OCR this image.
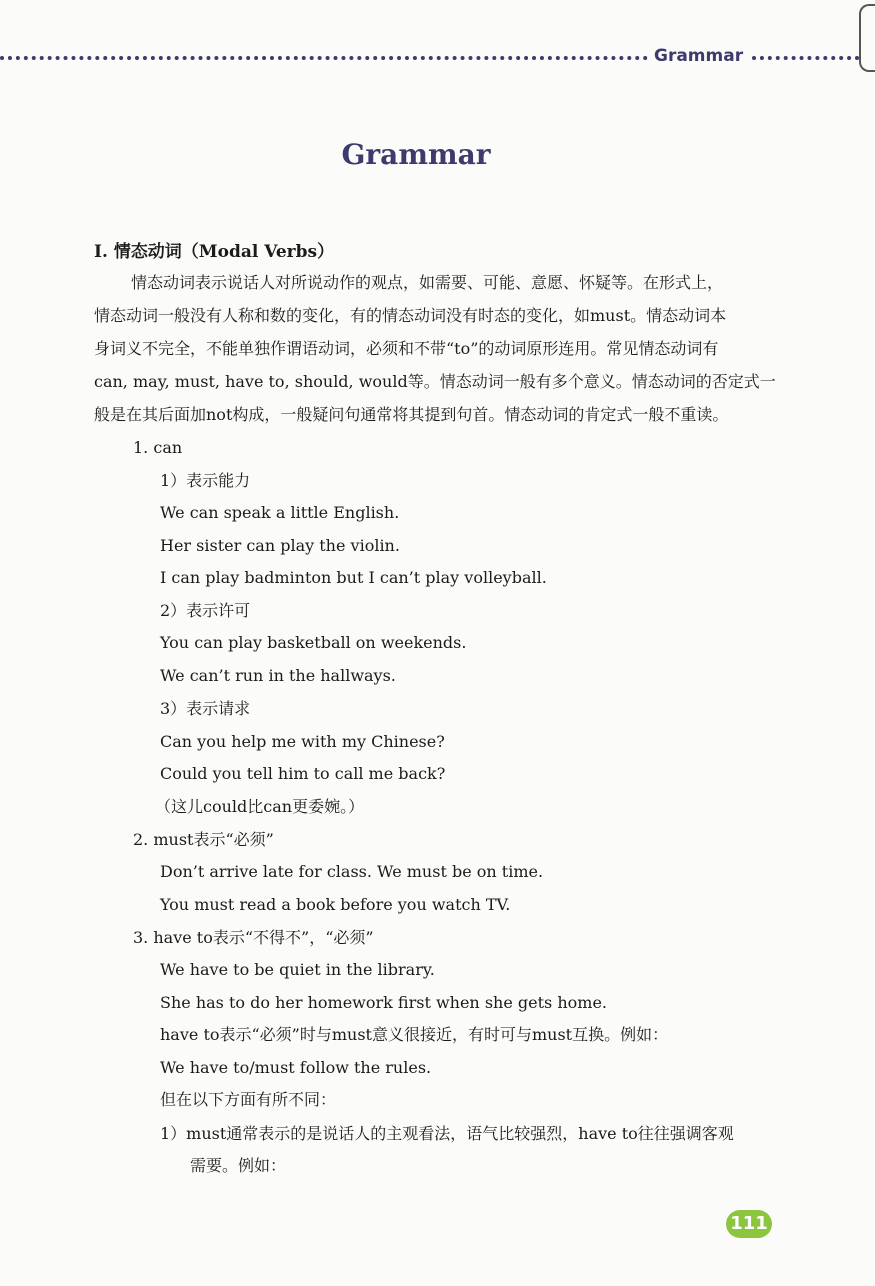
Grammar
Grammar
I. 情态动词（Modal Verbs）
情态动词表示说话人对所说动作的观点，如需要、可能、意愿、怀疑等。在形式上，
情态动词一般没有人称和数的变化，有的情态动词没有时态的变化，如must。情态动词本
身词义不完全，不能单独作谓语动词，必须和不带“to”的动词原形连用。常见情态动词有
can, may, must, have to, should, would等。情态动词一般有多个意义。情态动词的否定式一
般是在其后面加not构成，一般疑问句通常将其提到句首。情态动词的肯定式一般不重读。
1. can
1）表示能力
We can speak a little English.
Her sister can play the violin.
I can play badminton but I can’t play volleyball.
2）表示许可
You can play basketball on weekends.
We can’t run in the hallways.
3）表示请求
Can you help me with my Chinese?
Could you tell him to call me back?
（这儿could比can更委婉。）
2. must表示“必须”
Don’t arrive late for class. We must be on time.
You must read a book before you watch TV.
3. have to表示“不得不”，“必须”
We have to be quiet in the library.
She has to do her homework first when she gets home.
have to表示“必须”时与must意义很接近，有时可与must互换。例如：
We have to/must follow the rules.
但在以下方面有所不同：
1）must通常表示的是说话人的主观看法，语气比较强烈，have to往往强调客观
需要。例如：
111
